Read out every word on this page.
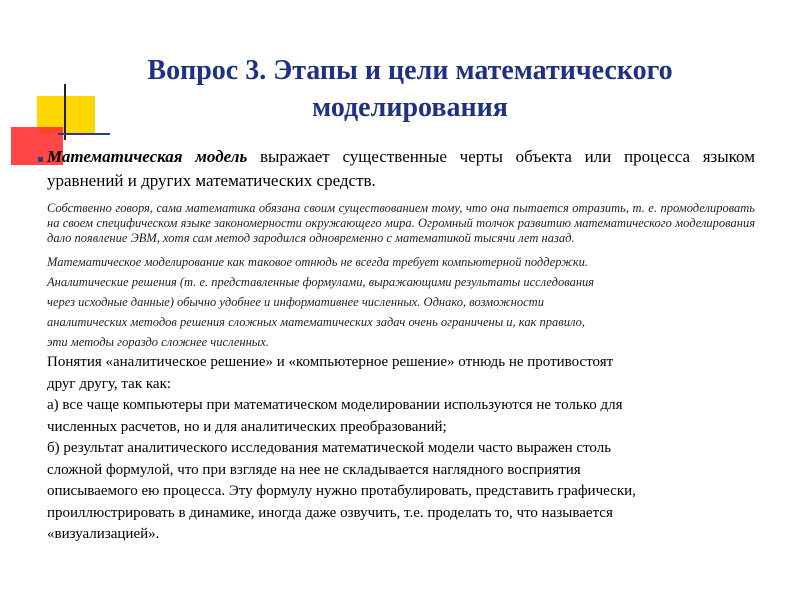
Вопрос 3. Этапы и цели математического моделирования
Математическая модель выражает существенные черты объекта или процесса языком уравнений и других математических средств.
Собственно говоря, сама математика обязана своим существованием тому, что она пытается отразить, т. е. промоделировать на своем специфическом языке закономерности окружающего мира. Огромный толчок развитию математического моделирования дало появление ЭВМ, хотя сам метод зародился одновременно с математикой тысячи лет назад.
Математическое моделирование как таковое отнюдь не всегда требует компьютерной поддержки.
Аналитические решения (т. е. представленные формулами, выражающими результаты исследования
через исходные данные) обычно удобнее и информативнее численных. Однако, возможности
аналитических методов решения сложных математических задач очень ограничены и, как правило,
эти методы гораздо сложнее численных.
Понятия «аналитическое решение» и «компьютерное решение» отнюдь не противостоят
друг другу, так как:
а) все чаще компьютеры при математическом моделировании используются не только для
численных расчетов, но и для аналитических преобразований;
б) результат аналитического исследования математической модели часто выражен столь
сложной формулой, что при взгляде на нее не складывается наглядного восприятия
описываемого ею процесса. Эту формулу нужно протабулировать, представить графически,
проиллюстрировать в динамике, иногда даже озвучить, т.е. проделать то, что называется
«визуализацией».
